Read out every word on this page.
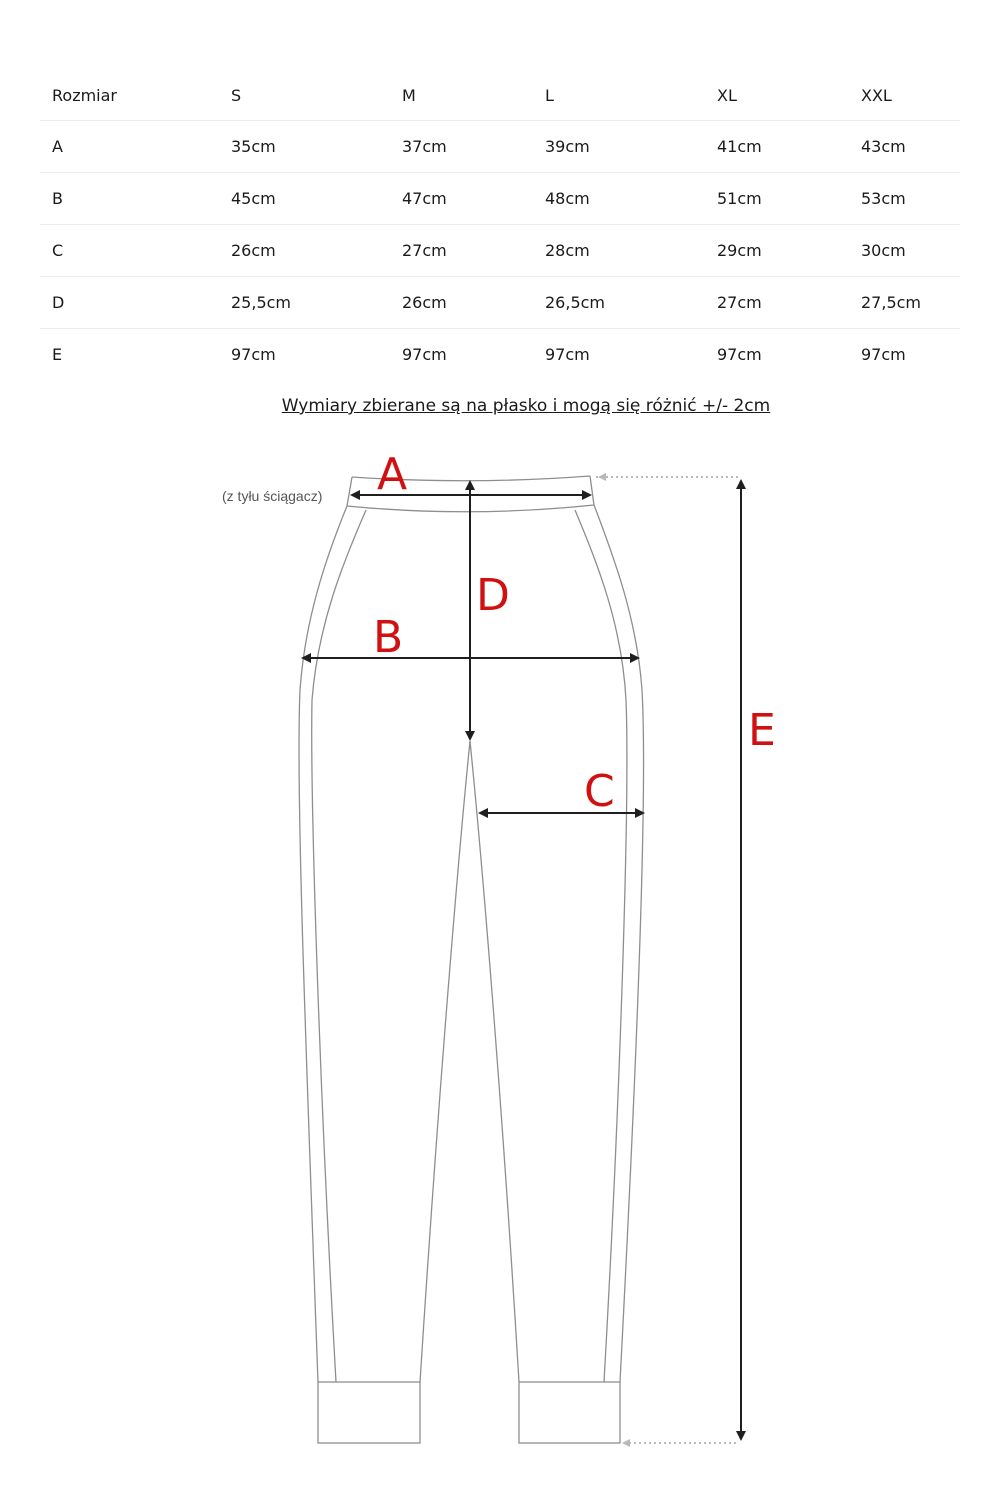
Rozmiar	S	M	L	XL	XXL
A	35cm	37cm	39cm	41cm	43cm
B	45cm	47cm	48cm	51cm	53cm
C	26cm	27cm	28cm	29cm	30cm
D	25,5cm	26cm	26,5cm	27cm	27,5cm
E	97cm	97cm	97cm	97cm	97cm
Wymiary zbierane są na płasko i mogą się różnić +/- 2cm
(z tyłu ściągacz) A
D
B
C
E
